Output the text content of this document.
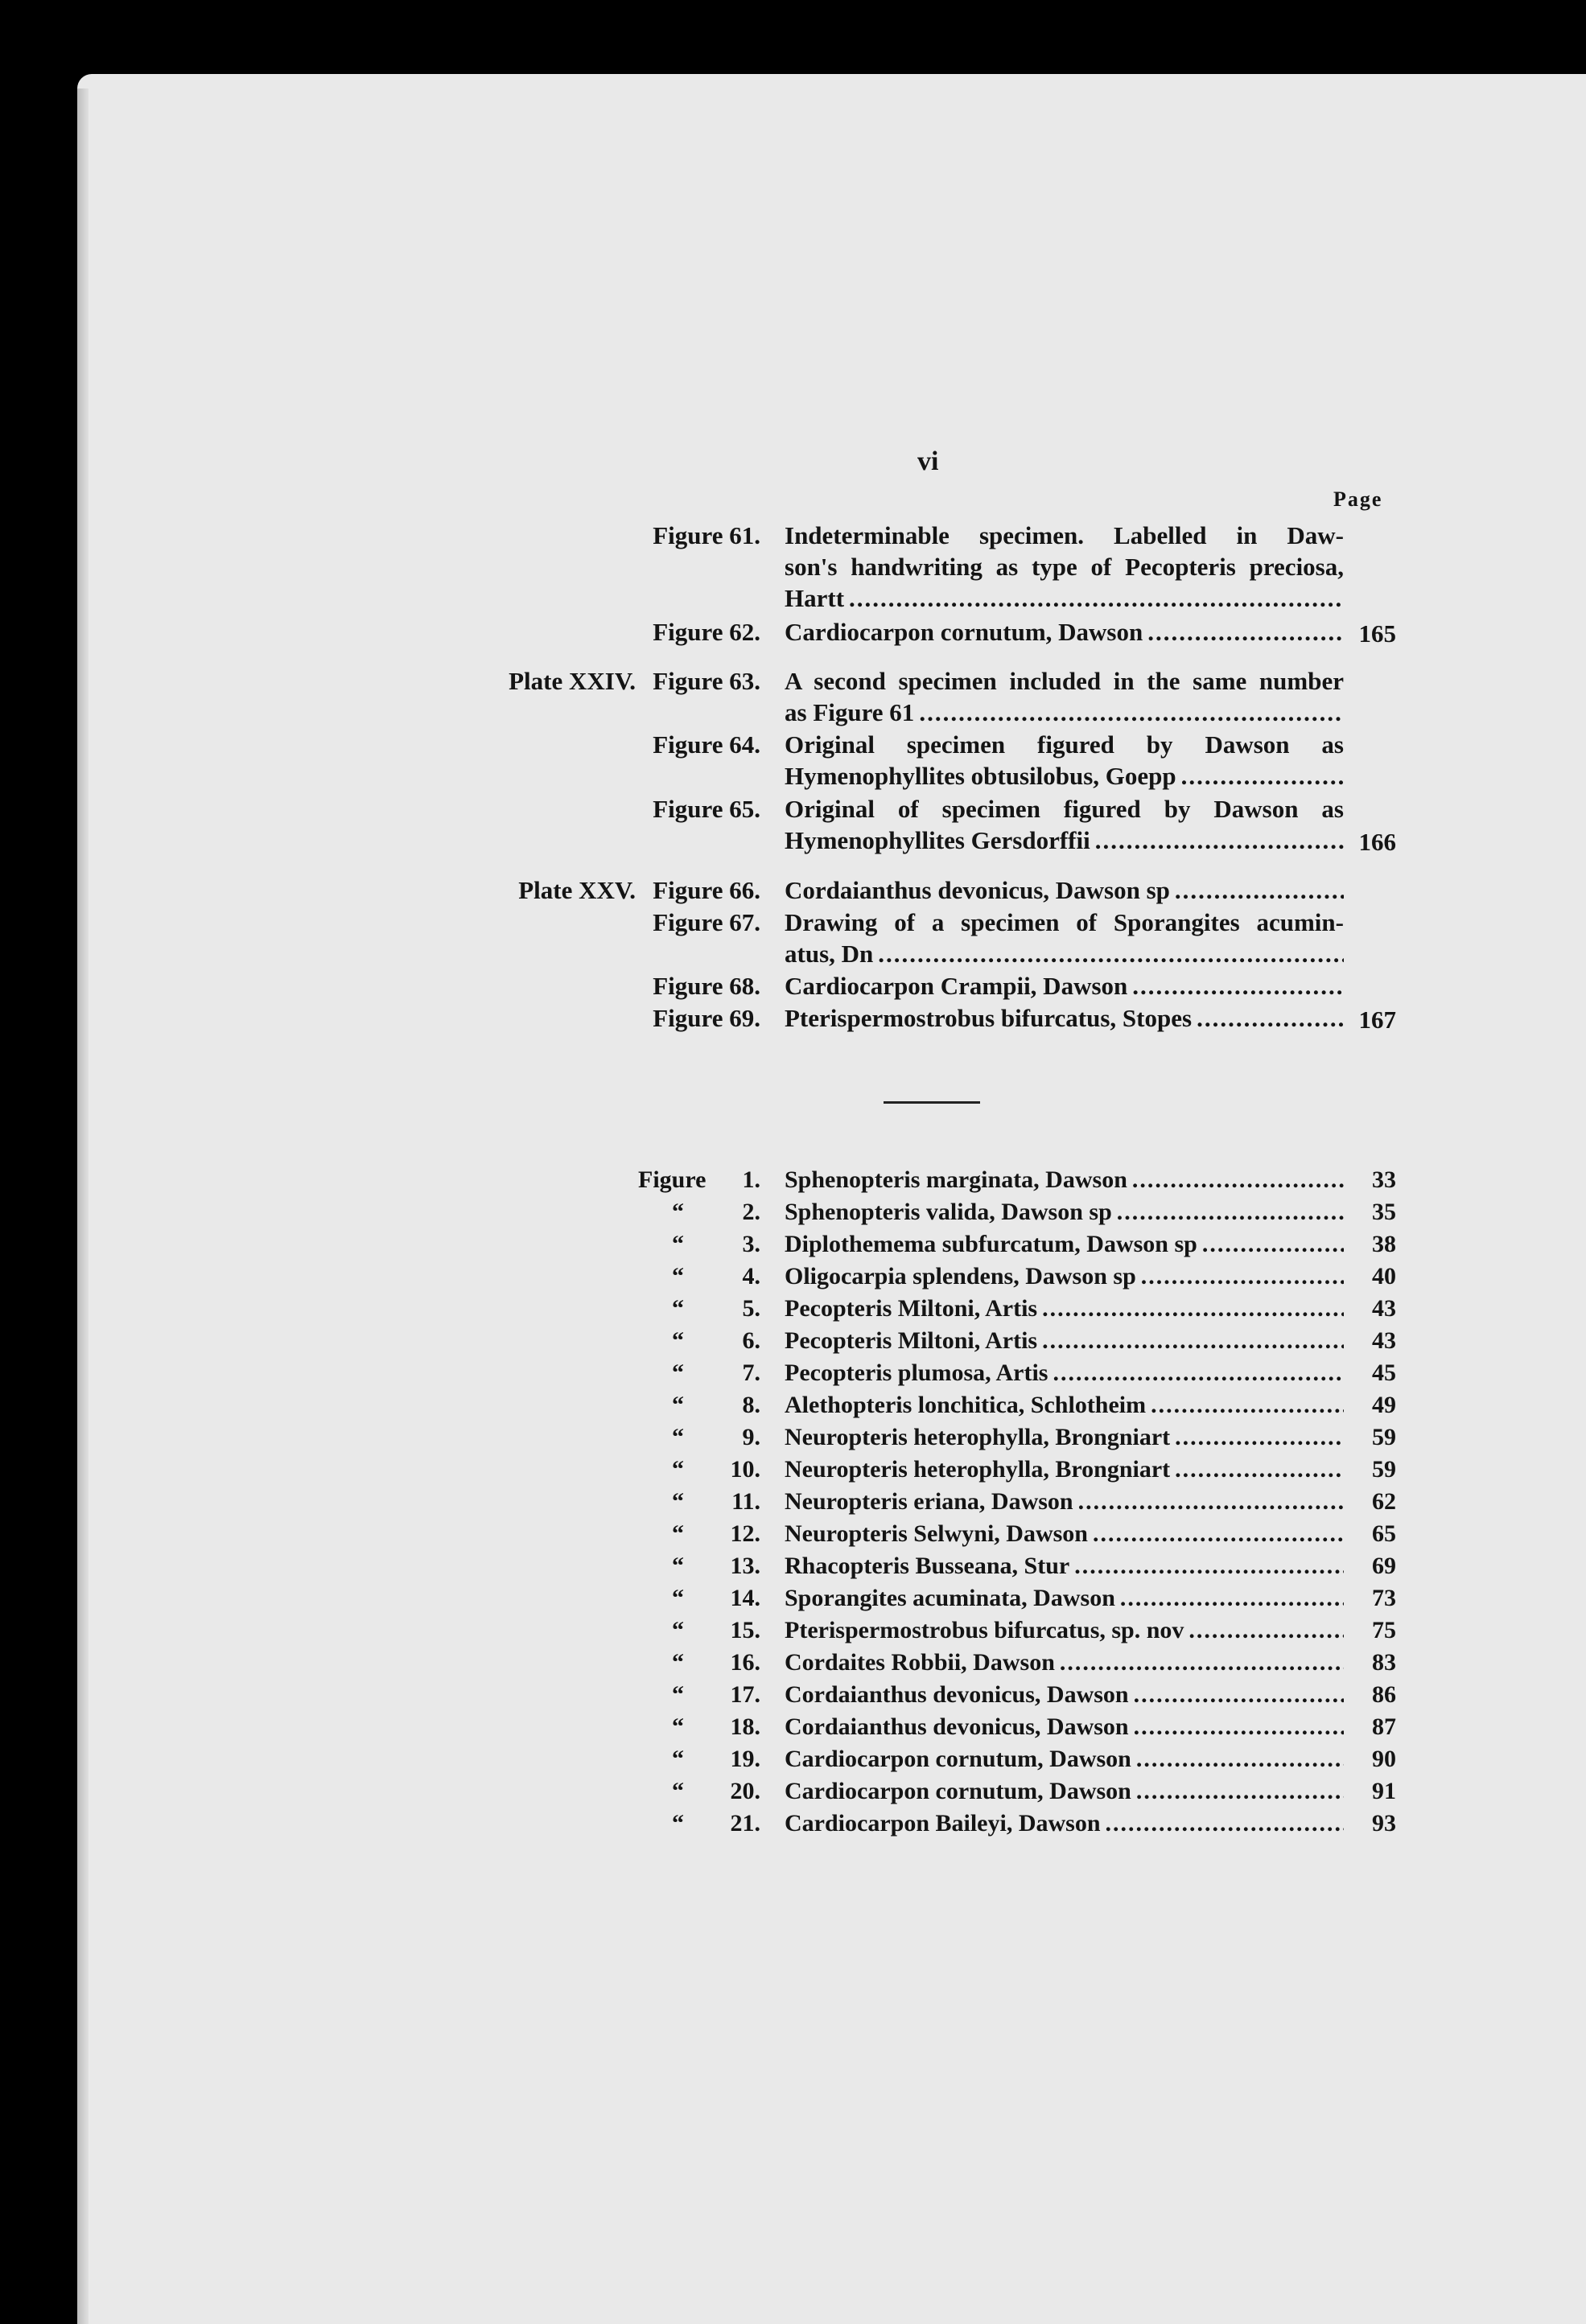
vi
Page
Figure 61. Indeterminable specimen. Labelled in Daw-
son's handwriting as type of Pecopteris preciosa,
Hartt
.....
Figure 62. Cardiocarpon cornutum, Dawson .....	165
Plate XXIV. Figure 63. A second specimen included in the same number
as Figure 61
.....
Figure 64. Original specimen figured by Dawson as
Hymenophyllites obtusilobus, Goepp
.....
Figure 65. Original of specimen figured by Dawson as
Hymenophyllites Gersdorffii .....	166
Plate XXV. Figure 66. Cordaianthus devonicus, Dawson sp
.....
Figure 67. Drawing of a specimen of Sporangites acumin-
atus, Dn
.....
Figure 68. Cardiocarpon Crampii, Dawson
.....
Figure 69. Pterispermostrobus bifurcatus, Stopes .....	167
Figure	1. Sphenopteris marginata, Dawson .....	33
“	2. Sphenopteris valida, Dawson sp .....	35
“	3. Diplothemema subfurcatum, Dawson sp .....	38
“	4. Oligocarpia splendens, Dawson sp .....	40
“	5. Pecopteris Miltoni, Artis .....	43
“	6. Pecopteris Miltoni, Artis .....	43
“	7. Pecopteris plumosa, Artis .....	45
“	8. Alethopteris lonchitica, Schlotheim .....	49
“	9. Neuropteris heterophylla, Brongniart .....	59
“	10. Neuropteris heterophylla, Brongniart .....	59
“	11. Neuropteris eriana, Dawson .....	62
“	12. Neuropteris Selwyni, Dawson .....	65
“	13. Rhacopteris Busseana, Stur .....	69
“	14. Sporangites acuminata, Dawson .....	73
“	15. Pterispermostrobus bifurcatus, sp. nov .....	75
“	16. Cordaites Robbii, Dawson .....	83
“	17. Cordaianthus devonicus, Dawson .....	86
“	18. Cordaianthus devonicus, Dawson .....	87
“	19. Cardiocarpon cornutum, Dawson .....	90
“	20. Cardiocarpon cornutum, Dawson .....	91
“	21. Cardiocarpon Baileyi, Dawson .....	93
